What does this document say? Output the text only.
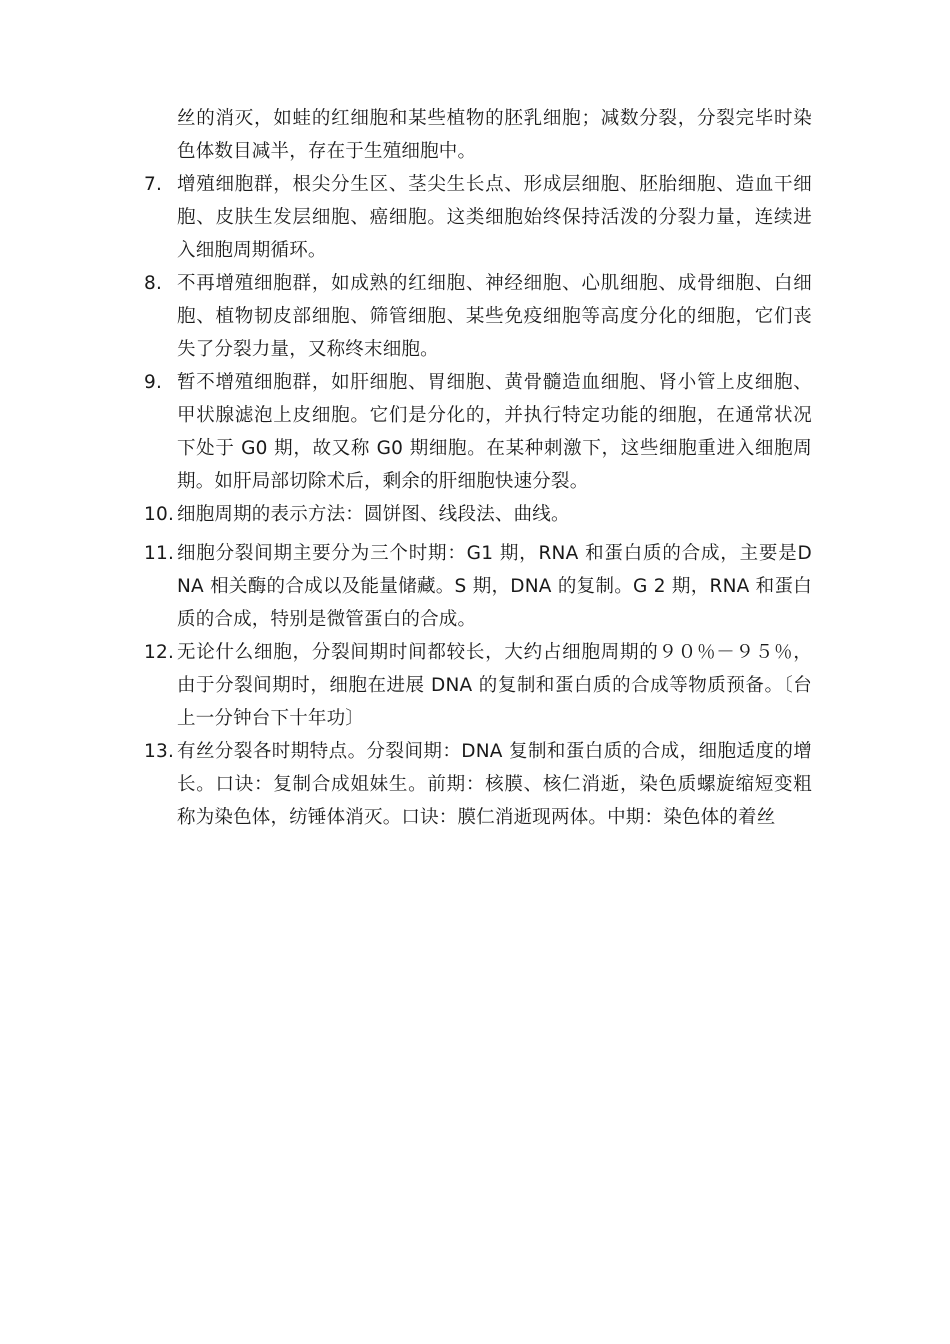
丝的消灭，如蛙的红细胞和某些植物的胚乳细胞；减数分裂，分裂完毕时染色体数目减半，存在于生殖细胞中。

7. 增殖细胞群，根尖分生区、茎尖生长点、形成层细胞、胚胎细胞、造血干细胞、皮肤生发层细胞、癌细胞。这类细胞始终保持活泼的分裂力量，连续进入细胞周期循环。
8. 不再增殖细胞群，如成熟的红细胞、神经细胞、心肌细胞、成骨细胞、白细胞、植物韧皮部细胞、筛管细胞、某些免疫细胞等高度分化的细胞，它们丧失了分裂力量，又称终末细胞。
9. 暂不增殖细胞群，如肝细胞、胃细胞、黄骨髓造血细胞、肾小管上皮细胞、甲状腺滤泡上皮细胞。它们是分化的，并执行特定功能的细胞，在通常状况下处于 G0 期，故又称 G0 期细胞。在某种刺激下，这些细胞重进入细胞周期。如肝局部切除术后，剩余的肝细胞快速分裂。
10. 细胞周期的表示方法：圆饼图、线段法、曲线。
11. 细胞分裂间期主要分为三个时期：G1 期，RNA 和蛋白质的合成，主要是D NA 相关酶的合成以及能量储藏。S 期，DNA 的复制。G 2 期，RNA 和蛋白质的合成，特别是微管蛋白的合成。
12. 无论什么细胞，分裂间期时间都较长，大约占细胞周期的９０％－９５％，由于分裂间期时，细胞在进展 DNA 的复制和蛋白质的合成等物质预备。〔台上一分钟台下十年功〕
13. 有丝分裂各时期特点。分裂间期：DNA 复制和蛋白质的合成，细胞适度的增长。口诀：复制合成姐妹生。前期：核膜、核仁消逝，染色质螺旋缩短变粗称为染色体，纺锤体消灭。口诀：膜仁消逝现两体。中期：染色体的着丝
